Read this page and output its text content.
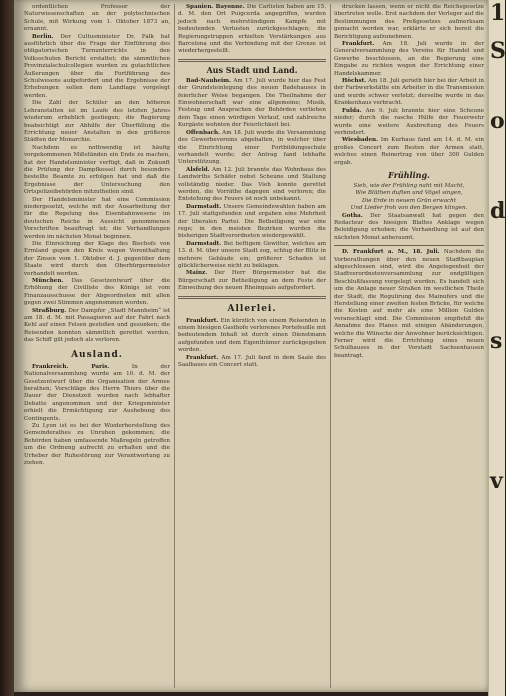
1
S
o
d
s
v

ordentlichen Professor der Naturwissenschaften an der polytechnischen Schule, mit Wirkung vom 1. Oktober 1873 an, ernannt.

Berlin. Der Cultusminister Dr. Falk hat ausführlich über die Frage der Einführung des obligatorischen Turnunterrichts in den Volksschulen Bericht erstattet; die sämmtlichen Provinzialschulcollegien wurden zu gutachtlichen Äußerungen über die Fortführung des Schulwesens aufgefordert und die Ergebnisse der Erhebungen sollen dem Landtage vorgelegt werden.

Die Zahl der Schüler an den höheren Lehranstalten ist im Laufe des letzten Jahres wiederum erheblich gestiegen; die Regierung beabsichtigt zur Abhilfe der Überfüllung die Errichtung neuer Anstalten in den größeren Städten der Monarchie.

Nachdem es nothwendig ist häufig vorgekommenen Mißständen ein Ende zu machen, hat der Handelsminister verfügt, daß in Zukunft die Prüfung der Dampfkessel durch besonders bestellte Beamte zu erfolgen hat und daß die Ergebnisse der Untersuchung den Ortspolizeibehörden mitzutheilen sind.

Der Handelsminister hat eine Commission niedergesetzt, welche mit der Ausarbeitung der für die Regelung des Eisenbahnwesens im deutschen Reiche in Aussicht genommenen Vorschriften beauftragt ist; die Verhandlungen werden im nächsten Monat beginnen.

Die Einreichung der Klage des Bischofs von Ermland gegen den Kreis wegen Vorenthaltung der Zinsen vom 1. Oktober d. J. gegenüber dem Staate wird durch den Oberbürgermeister verhandelt werden.

München. Das Gesetzentwurf über die Erhöhung der Civilliste des Königs ist vom Finanzausschusse der Abgeordneten mit allen gegen zwei Stimmen angenommen worden.

Straßburg. Der Dampfer „Stadt Mannheim“ ist am 18. d. M. mit Passagieren auf der Fahrt nach Kehl auf einen Felsen gestoßen und gesunken; die Reisenden konnten sämmtlich gerettet werden, das Schiff gilt jedoch als verloren.

Ausland.

Frankreich. Paris.	In der Nationalversammlung wurde am 10. d. M. der Gesetzentwurf über die Organisation der Armee berathen; Vorschläge des Herrn Thiers über die Dauer der Dienstzeit wurden nach lebhafter Debatte angenommen und der Kriegsminister erhielt die Ermächtigung zur Aushebung des Contingents.

Zu Lyon ist es bei der Wiederherstellung des Gemeinderathes zu Unruhen gekommen; die Behörden haben umfassende Maßregeln getroffen um die Ordnung aufrecht zu erhalten und die Urheber der Ruhestörung zur Verantwortung zu ziehen.

Spanien. Bayonne. Die Carlisten haben am 15. d. M. den Ort Puigcerda angegriffen, wurden jedoch nach mehrstündigem Kampfe mit bedeutenden Verlusten zurückgeschlagen; die Regierungstruppen erhielten Verstärkungen aus Barcelona und die Verbindung mit der Grenze ist wiederhergestellt.

Aus Stadt und Land.

Bad-Nauheim. Am 17. Juli wurde hier das Fest der Grundsteinlegung des neuen Badehauses in feierlicher Weise begangen. Die Theilnahme der Einwohnerschaft war eine allgemeine; Musik, Festzug und Ansprachen der Behörden verliehen dem Tage einen würdigen Verlauf, und zahlreiche Kurgäste wohnten der Feierlichkeit bei.

Offenbach. Am 18. Juli wurde die Versammlung des Gewerbevereins abgehalten, in welcher über die Einrichtung einer Fortbildungsschule verhandelt wurde; der Antrag fand lebhafte Unterstützung.

Alsfeld. Am 12. Juli brannte das Wohnhaus des Landwirths Schäfer nebst Scheune und Stallung vollständig nieder. Das Vieh konnte gerettet werden, die Vorräthe dagegen sind verloren; die Entstehung des Feuers ist noch unbekannt.

Darmstadt. Unsere Gemeindewahlen haben am 17. Juli stattgefunden und ergaben eine Mehrheit der liberalen Partei. Die Betheiligung war eine rege; in den meisten Bezirken wurden die bisherigen Stadtverordneten wiedergewählt.

Darmstadt. Bei heftigem Gewitter, welches am 13. d. M. über unsere Stadt zog, schlug der Blitz in mehrere Gebäude ein; größerer Schaden ist glücklicherweise nicht zu beklagen.

Mainz. Der Herr Bürgermeister hat die Bürgerschaft zur Betheiligung an dem Feste der Einweihung des neuen Rheinquais aufgefordert.

Allerlei.

Frankfurt. Ein kürzlich von einem Reisenden in einem hiesigen Gasthofe verlorenes Portefeuille mit bedeutendem Inhalt ist durch einen Dienstmann aufgefunden und dem Eigenthümer zurückgegeben worden.

Frankfurt. Am 17. Juli fand in dem Saale des Saalbaues ein Concert statt.

drucken lassen, wenn er nicht die Reichsgesetze übertreten wolle. Erst nachdem der Verleger auf die Bestimmungen des Preßgesetzes aufmerksam gemacht worden war, erklärte er sich bereit die Berichtigung aufzunehmen.

Frankfurt. Am 18. Juli wurde in der Generalversammlung des Vereins für Handel und Gewerbe beschlossen, an die Regierung eine Eingabe zu richten wegen der Errichtung einer Handelskammer.

Höchst. Am 18. Juli gerieth hier bei der Arbeit in der Farbwerkstätte ein Arbeiter in die Transmission und wurde schwer verletzt; derselbe wurde in das Krankenhaus verbracht.

Fulda. Am 9. Juli brannte hier eine Scheune nieder; durch die rasche Hülfe der Feuerwehr wurde eine weitere Ausbreitung des Feuers verhindert.

Wiesbaden. Im Kurhaus fand am 14. d. M. ein großes Concert zum Besten der Armen statt, welches einen Reinertrag von über 300 Gulden ergab.

Frühling.

Sieh, wie der Frühling naht mit Macht,

Wie Blüthen duften und Vögel singen,

Die Erde in neuem Grün erwacht

Und Lieder froh von den Bergen klingen.

Gotha. Der Staatsanwalt hat gegen den Redacteur des hiesigen Blattes Anklage wegen Beleidigung erhoben; die Verhandlung ist auf den nächsten Monat anberaumt.

D. Frankfurt a. M., 18. Juli. Nachdem die Vorberathungen über den neuen Stadtbauplan abgeschlossen sind, wird die Angelegenheit der Stadtverordnetenversammlung zur endgültigen Beschlußfassung vorgelegt werden. Es handelt sich um die Anlage neuer Straßen im westlichen Theile der Stadt, die Regulirung des Mainufers und die Herstellung einer zweiten festen Brücke, für welche die Kosten auf mehr als eine Million Gulden veranschlagt sind. Die Commission empfiehlt die Annahme des Planes mit einigen Abänderungen, welche die Wünsche der Anwohner berücksichtigen. Ferner wird die Errichtung eines neuen Schulhauses in der Vorstadt Sachsenhausen beantragt.
